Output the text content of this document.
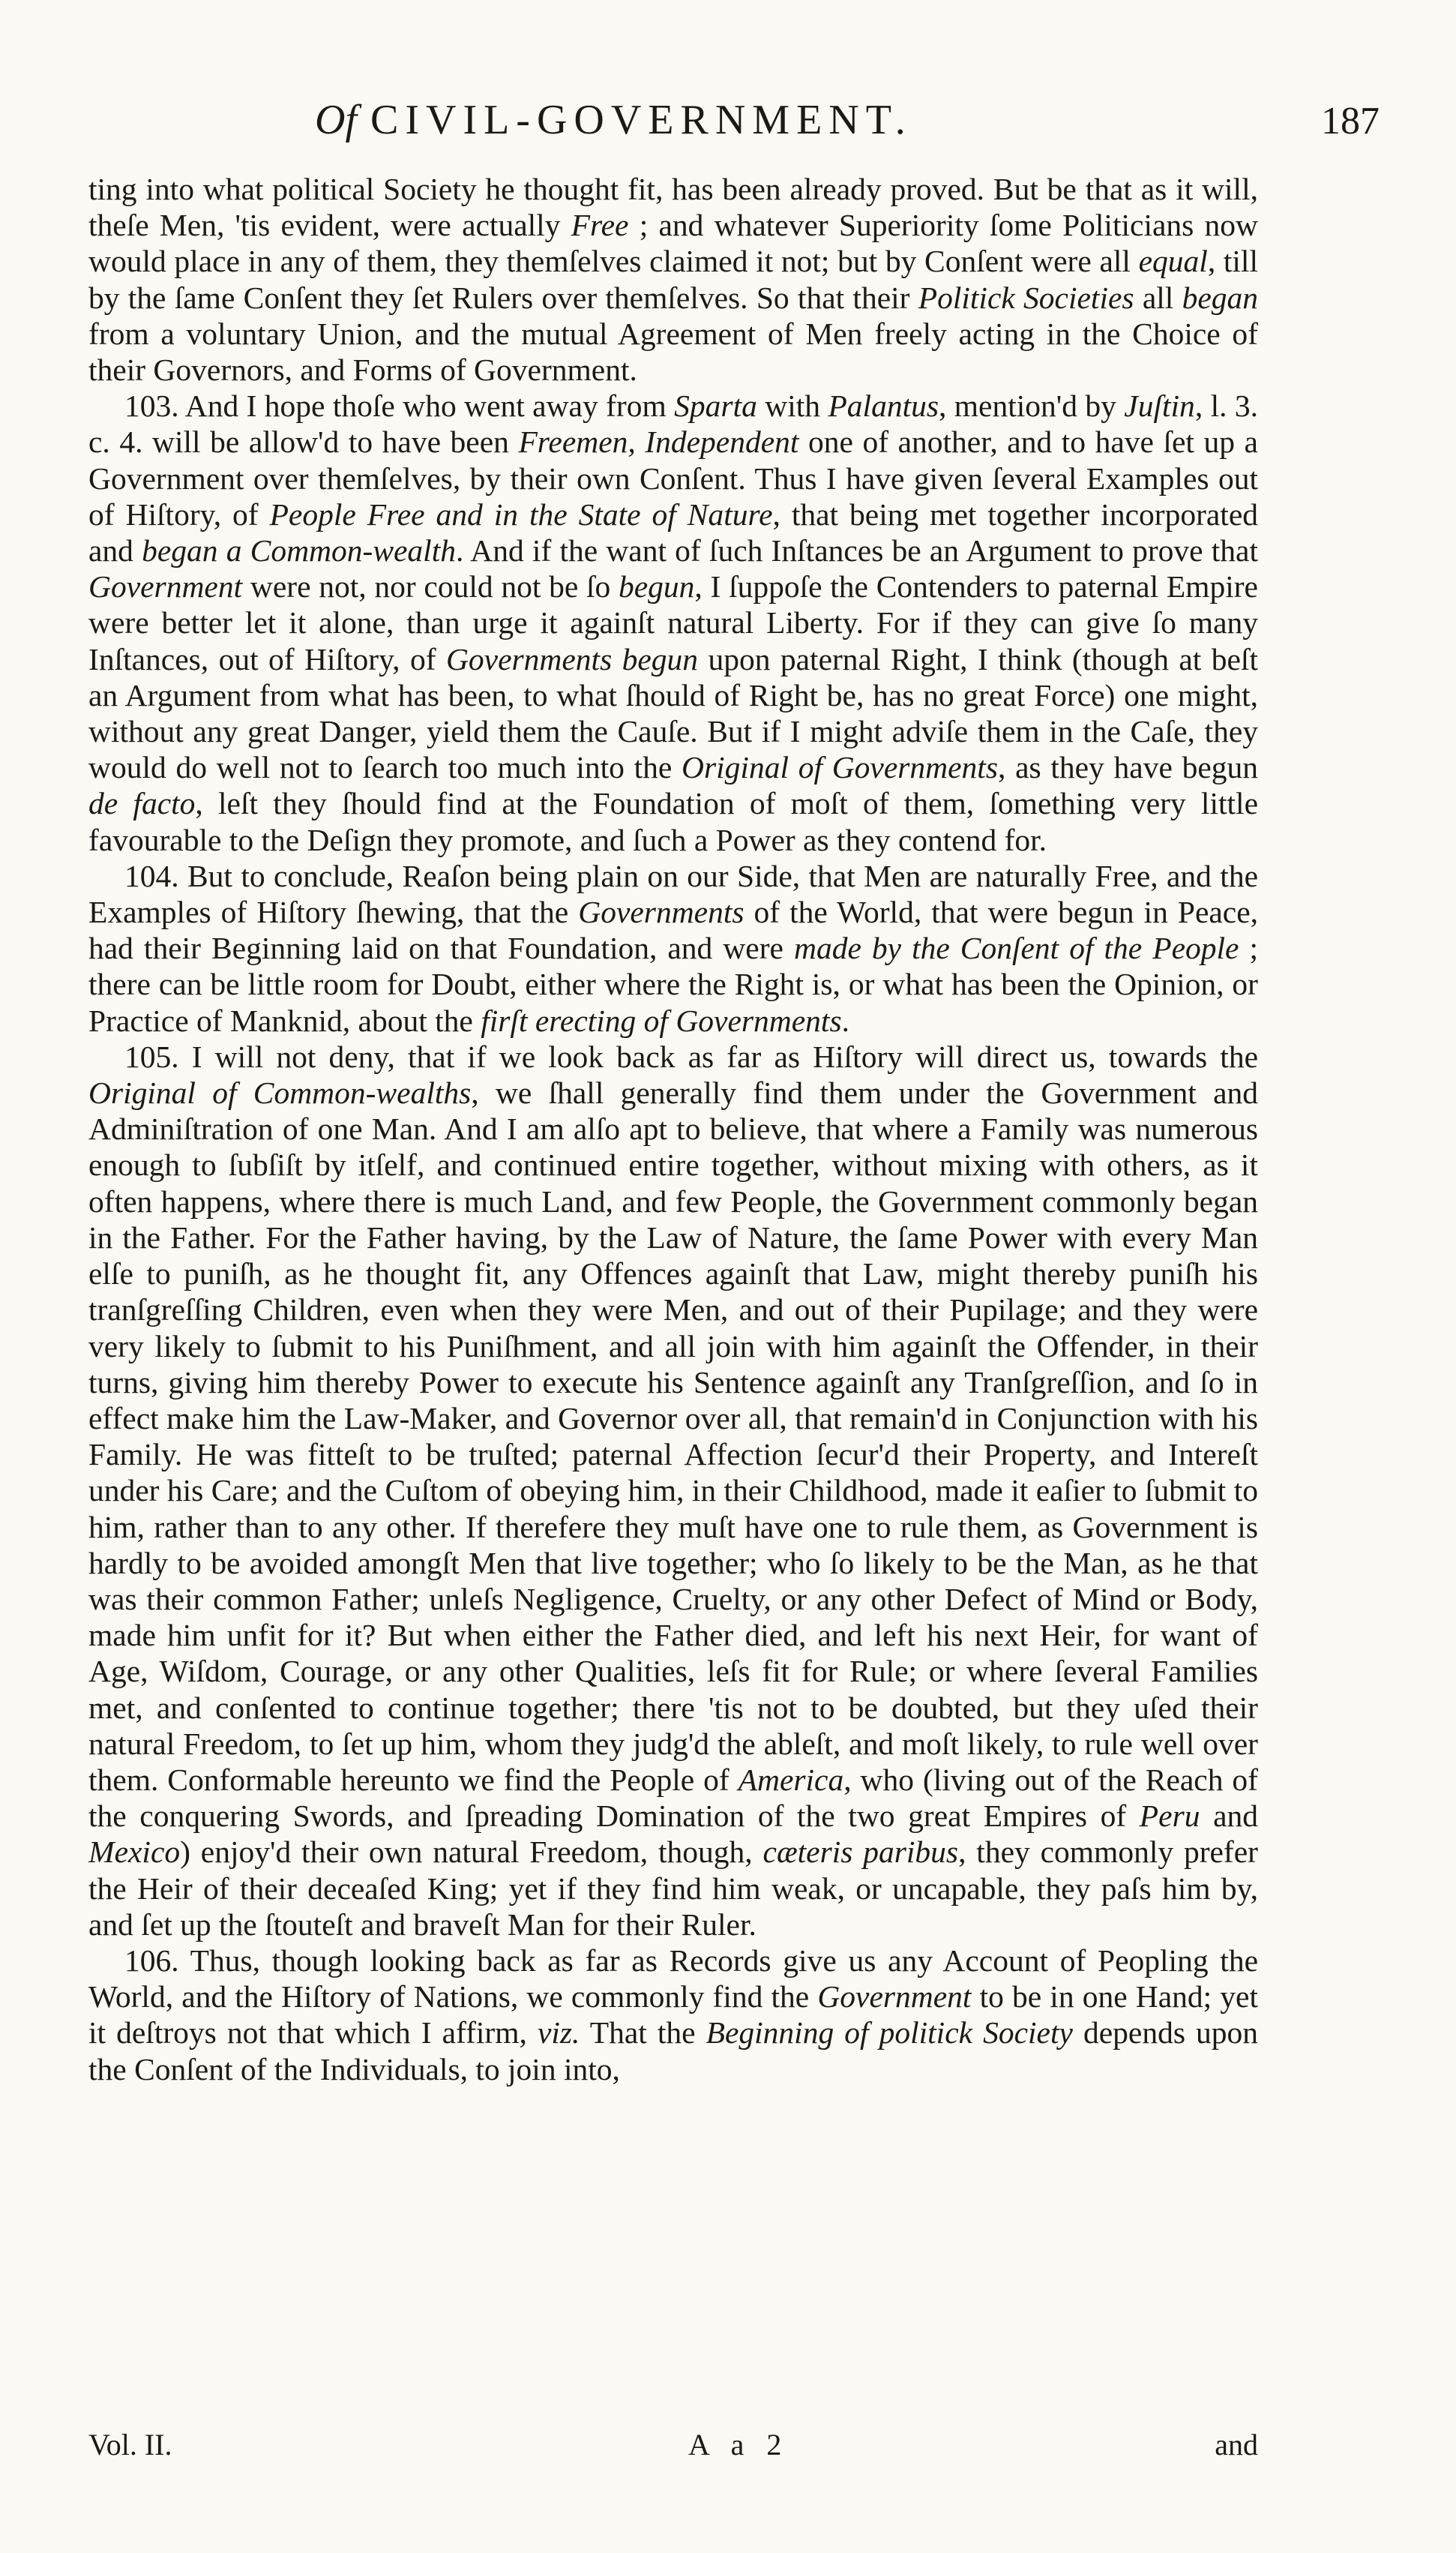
Of CIVIL-GOVERNMENT.	187

ting into what political Society he thought fit, has been already proved. But be that as it will, theſe Men, 'tis evident, were actually Free ; and whatever Superiority ſome Politicians now would place in any of them, they themſelves claimed it not; but by Conſent were all equal, till by the ſame Conſent they ſet Rulers over themſelves. So that their Politick Societies all began from a voluntary Union, and the mutual Agreement of Men freely acting in the Choice of their Governors, and Forms of Government.

103. And I hope thoſe who went away from Sparta with Palantus, mention'd by Juſtin, l. 3. c. 4. will be allow'd to have been Freemen, Independent one of another, and to have ſet up a Government over themſelves, by their own Conſent. Thus I have given ſeveral Examples out of Hiſtory, of People Free and in the State of Nature, that being met together incorporated and began a Common-wealth. And if the want of ſuch Inſtances be an Argument to prove that Government were not, nor could not be ſo begun, I ſuppoſe the Contenders to paternal Empire were better let it alone, than urge it againſt natural Liberty. For if they can give ſo many Inſtances, out of Hiſtory, of Governments begun upon paternal Right, I think (though at beſt an Argument from what has been, to what ſhould of Right be, has no great Force) one might, without any great Danger, yield them the Cauſe. But if I might adviſe them in the Caſe, they would do well not to ſearch too much into the Original of Governments, as they have begun de facto, leſt they ſhould find at the Foundation of moſt of them, ſomething very little favourable to the Deſign they promote, and ſuch a Power as they contend for.

104. But to conclude, Reaſon being plain on our Side, that Men are naturally Free, and the Examples of Hiſtory ſhewing, that the Governments of the World, that were begun in Peace, had their Beginning laid on that Foundation, and were made by the Conſent of the People ; there can be little room for Doubt, either where the Right is, or what has been the Opinion, or Practice of Manknid, about the firſt erecting of Governments.

105. I will not deny, that if we look back as far as Hiſtory will direct us, towards the Original of Common-wealths, we ſhall generally find them under the Government and Adminiſtration of one Man. And I am alſo apt to believe, that where a Family was numerous enough to ſubſiſt by itſelf, and continued entire together, without mixing with others, as it often happens, where there is much Land, and few People, the Government commonly began in the Father. For the Father having, by the Law of Nature, the ſame Power with every Man elſe to puniſh, as he thought fit, any Offences againſt that Law, might thereby puniſh his tranſgreſſing Children, even when they were Men, and out of their Pupilage; and they were very likely to ſubmit to his Puniſhment, and all join with him againſt the Offender, in their turns, giving him thereby Power to execute his Sentence againſt any Tranſgreſſion, and ſo in effect make him the Law-Maker, and Governor over all, that remain'd in Conjunction with his Family. He was fitteſt to be truſted; paternal Affection ſecur'd their Property, and Intereſt under his Care; and the Cuſtom of obeying him, in their Childhood, made it eaſier to ſubmit to him, rather than to any other. If therefere they muſt have one to rule them, as Government is hardly to be avoided amongſt Men that live together; who ſo likely to be the Man, as he that was their common Father; unleſs Negligence, Cruelty, or any other Defect of Mind or Body, made him unfit for it? But when either the Father died, and left his next Heir, for want of Age, Wiſdom, Courage, or any other Qualities, leſs fit for Rule; or where ſeveral Families met, and conſented to continue together; there 'tis not to be doubted, but they uſed their natural Freedom, to ſet up him, whom they judg'd the ableſt, and moſt likely, to rule well over them. Conformable hereunto we find the People of America, who (living out of the Reach of the conquering Swords, and ſpreading Domination of the two great Empires of Peru and Mexico) enjoy'd their own natural Freedom, though, cæteris paribus, they commonly prefer the Heir of their deceaſed King; yet if they find him weak, or uncapable, they paſs him by, and ſet up the ſtouteſt and braveſt Man for their Ruler.

106. Thus, though looking back as far as Records give us any Account of Peopling the World, and the Hiſtory of Nations, we commonly find the Government to be in one Hand; yet it deſtroys not that which I affirm, viz. That the Beginning of politick Society depends upon the Conſent of the Individuals, to join into,

Vol. II.	A a 2	and
